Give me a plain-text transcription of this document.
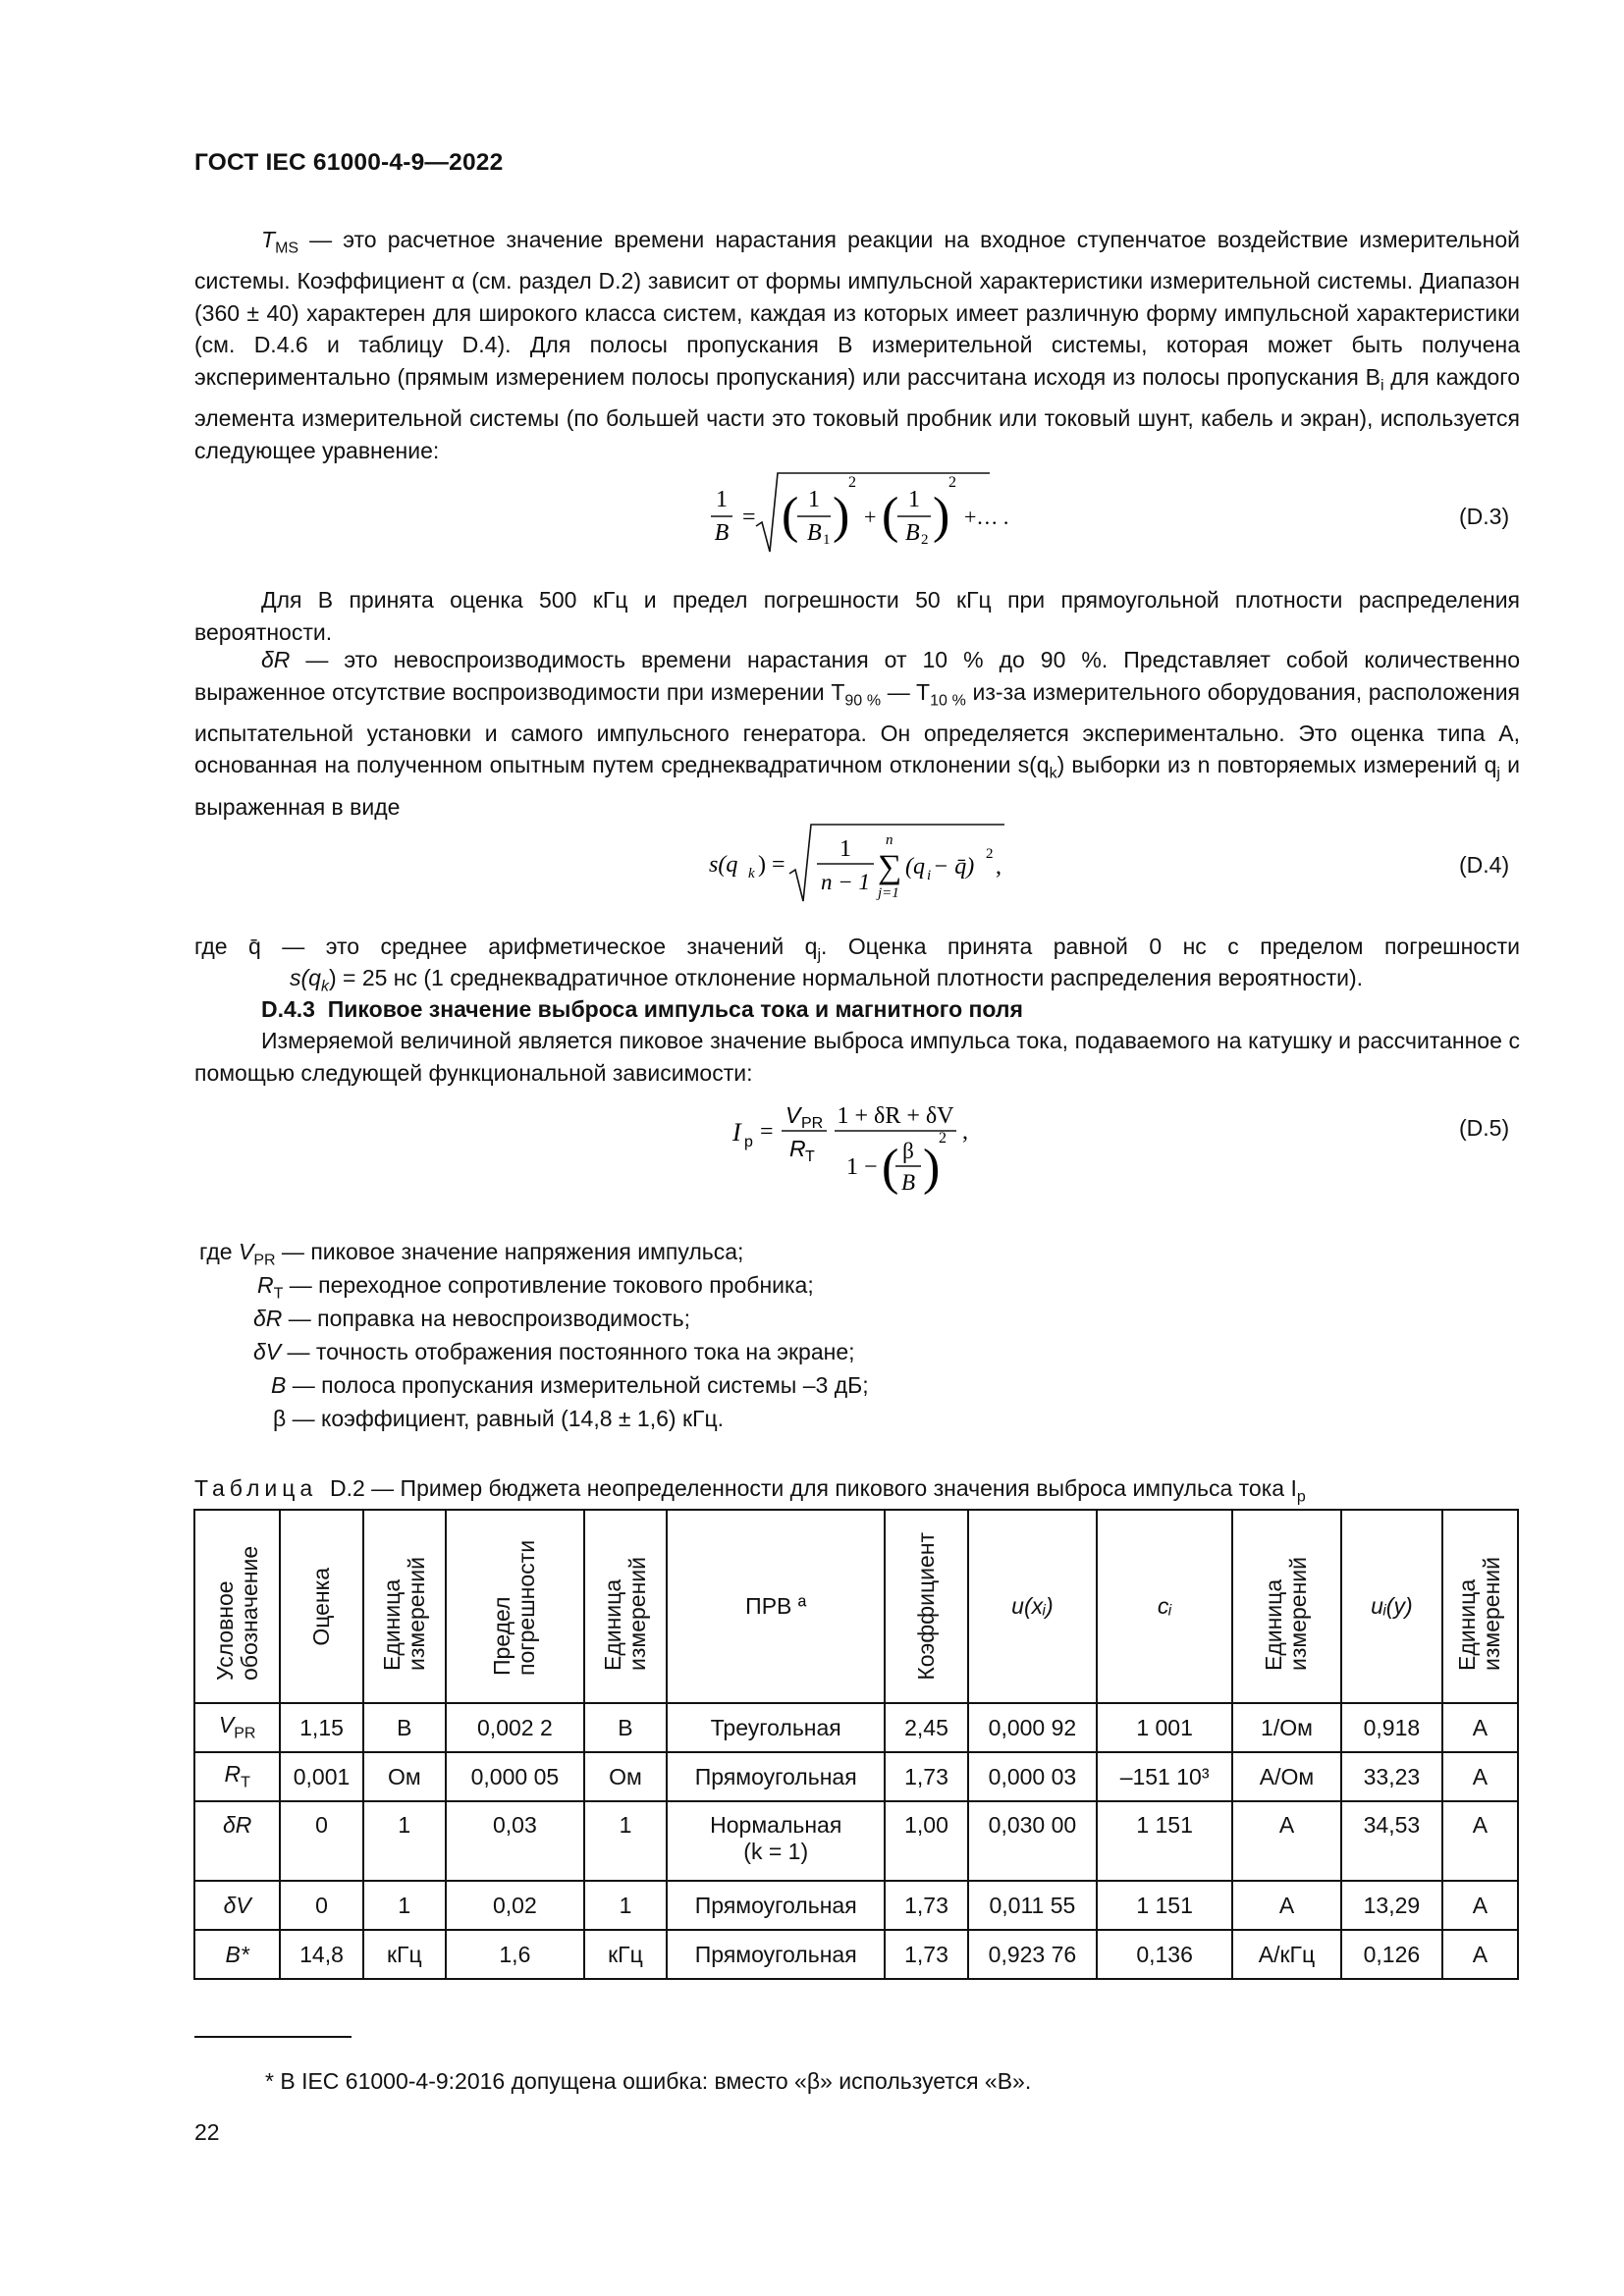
ГОСТ IEC 61000-4-9—2022
$T_{MS}$ — это расчетное значение времени нарастания реакции на входное ступенчатое воздействие измерительной системы. Коэффициент α (см. раздел D.2) зависит от формы импульсной характеристики измерительной системы. Диапазон (360 ± 40) характерен для широкого класса систем, каждая из которых имеет различную форму импульсной характеристики (см. D.4.6 и таблицу D.4). Для полосы пропускания B измерительной системы, которая может быть получена экспериментально (прямым измерением полосы пропускания) или рассчитана исходя из полосы пропускания $B_i$ для каждого элемента измерительной системы (по большей части это токовый пробник или токовый шунт, кабель и экран), используется следующее уравнение:
1
B
= ( 1
B 1 )
2
+ ( 1
B 2 )
2
+… .	(D.3)
Для B принята оценка 500 кГц и предел погрешности 50 кГц при прямоугольной плотности распределения вероятности.
δR — это невоспроизводимость времени нарастания от 10 % до 90 %. Представляет собой количественно выраженное отсутствие воспроизводимости при измерении $T_{90 \%}$ — $T_{10 \%}$ из-за измерительного оборудования, расположения испытательной установки и самого импульсного генератора. Он определяется экспериментально. Это оценка типа А, основанная на полученном опытным путем среднеквадратичном отклонении $s(q_k)$ выборки из n повторяемых измерений $q_j$ и выраженная в виде
s(q k ) =
1
n − 1
n
∑
j=1
(q i − q̄) 2 ,	(D.4)
где q̄ — это среднее арифметическое значений $q_j$. Оценка принята равной 0 нс с пределом погрешности
$s(q_k) = 25$ нс (1 среднеквадратичное отклонение нормальной плотности распределения вероятности).
D.4.3 Пиковое значение выброса импульса тока и магнитного поля
Измеряемой величиной является пиковое значение выброса импульса тока, подаваемого на катушку и рассчитанное с помощью следующей функциональной зависимости:
I p =
V PR
R T
1 + δR + δV
1 − ( β
B )
2 ,	(D.5)
где $V_{PR}$ — пиковое значение напряжения импульса;
$R_T$ — переходное сопротивление токового пробника;
δR — поправка на невоспроизводимость;
δV — точность отображения постоянного тока на экране;
B — полоса пропускания измерительной системы –3 дБ;
β — коэффициент, равный (14,8 ± 1,6) кГц.
Таблица D.2 — Пример бюджета неопределенности для пикового значения выброса импульса тока $I_p$
Условное обозначение	Оценка	Единица измерений	Предел погрешности	Единица измерений	ПРВ ª	Коэффициент	u(xᵢ)	cᵢ	Единица измерений	uᵢ(y)	Единица измерений

$V_{PR}$	1,15	В	0,002 2	В	Треугольная	2,45	0,000 92	1 001	1/Ом	0,918	А
$R_T$	0,001	Ом	0,000 05	Ом	Прямоугольная	1,73	0,000 03	–151 10³	А/Ом	33,23	А
δR	0	1	0,03	1	Нормальная (k = 1)	1,00	0,030 00	1 151	А	34,53	А
δV	0	1	0,02	1	Прямоугольная	1,73	0,011 55	1 151	А	13,29	А
B*	14,8	кГц	1,6	кГц	Прямоугольная	1,73	0,923 76	0,136	А/кГц	0,126	А
* В IEC 61000-4-9:2016 допущена ошибка: вместо «β» используется «В».
22
